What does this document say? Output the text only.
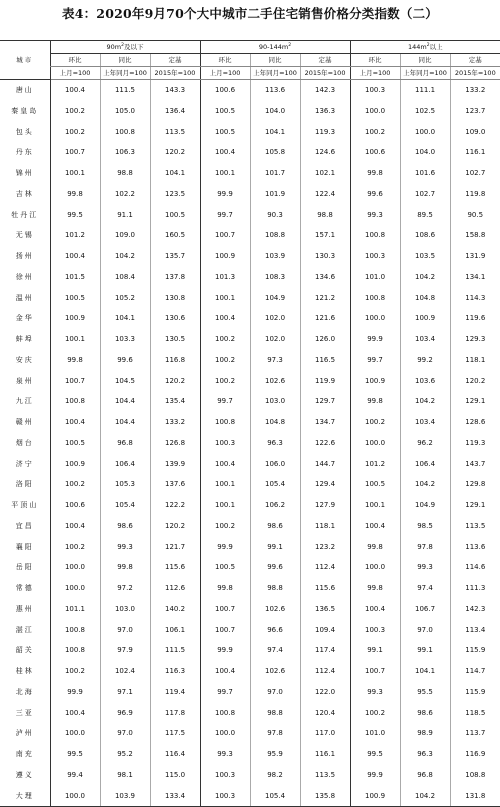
表4：2020年9月70个大中城市二手住宅销售价格分类指数（二）
城市	$90m^2$及以下			$90-144m^2$			$144m^2$以上		
	环比	同比	定基	环比	同比	定基	环比	同比	定基
	上月=100	上年同月=100	2015年=100	上月=100	上年同月=100	2015年=100	上月=100	上年同月=100	2015年=100
唐山	100.4	111.5	143.3	100.6	113.6	142.3	100.3	111.1	133.2
秦皇岛	100.2	105.0	136.4	100.5	104.0	136.3	100.0	102.5	123.7
包头	100.2	100.8	113.5	100.5	104.1	119.3	100.2	100.0	109.0
丹东	100.7	106.3	120.2	100.4	105.8	124.6	100.6	104.0	116.1
锦州	100.1	98.8	104.1	100.1	101.7	102.1	99.8	101.6	102.7
吉林	99.8	102.2	123.5	99.9	101.9	122.4	99.6	102.7	119.8
牡丹江	99.5	91.1	100.5	99.7	90.3	98.8	99.3	89.5	90.5
无锡	101.2	109.0	160.5	100.7	108.8	157.1	100.8	108.6	158.8
扬州	100.4	104.2	135.7	100.9	103.9	130.3	100.3	103.5	131.9
徐州	101.5	108.4	137.8	101.3	108.3	134.6	101.0	104.2	134.1
温州	100.5	105.2	130.8	100.1	104.9	121.2	100.8	104.8	114.3
金华	100.9	104.1	130.6	100.4	102.0	121.6	100.0	100.9	119.6
蚌埠	100.1	103.3	130.5	100.2	102.0	126.0	99.9	103.4	129.3
安庆	99.8	99.6	116.8	100.2	97.3	116.5	99.7	99.2	118.1
泉州	100.7	104.5	120.2	100.2	102.6	119.9	100.9	103.6	120.2
九江	100.8	104.4	135.4	99.7	103.0	129.7	99.8	104.2	129.1
赣州	100.4	104.4	133.2	100.8	104.8	134.7	100.2	103.4	128.6
烟台	100.5	96.8	126.8	100.3	96.3	122.6	100.0	96.2	119.3
济宁	100.9	106.4	139.9	100.4	106.0	144.7	101.2	106.4	143.7
洛阳	100.2	105.3	137.6	100.1	105.4	129.4	100.5	104.2	129.8
平顶山	100.6	105.4	122.2	100.1	106.2	127.9	100.1	104.9	129.1
宜昌	100.4	98.6	120.2	100.2	98.6	118.1	100.4	98.5	113.5
襄阳	100.2	99.3	121.7	99.9	99.1	123.2	99.8	97.8	113.6
岳阳	100.0	99.8	115.6	100.5	99.6	112.4	100.0	99.3	114.6
常德	100.0	97.2	112.6	99.8	98.8	115.6	99.8	97.4	111.3
惠州	101.1	103.0	140.2	100.7	102.6	136.5	100.4	106.7	142.3
湛江	100.8	97.0	106.1	100.7	96.6	109.4	100.3	97.0	113.4
韶关	100.8	97.9	111.5	99.9	97.4	117.4	99.1	99.1	115.9
桂林	100.2	102.4	116.3	100.4	102.6	112.4	100.7	104.1	114.7
北海	99.9	97.1	119.4	99.7	97.0	122.0	99.3	95.5	115.9
三亚	100.4	96.9	117.8	100.8	98.8	120.4	100.2	98.6	118.5
泸州	100.0	97.0	117.5	100.0	97.8	117.0	101.0	98.9	113.7
南充	99.5	95.2	116.4	99.3	95.9	116.1	99.5	96.3	116.9
遵义	99.4	98.1	115.0	100.3	98.2	113.5	99.9	96.8	108.8
大理	100.0	103.9	133.4	100.3	105.4	135.8	100.9	104.2	131.8
